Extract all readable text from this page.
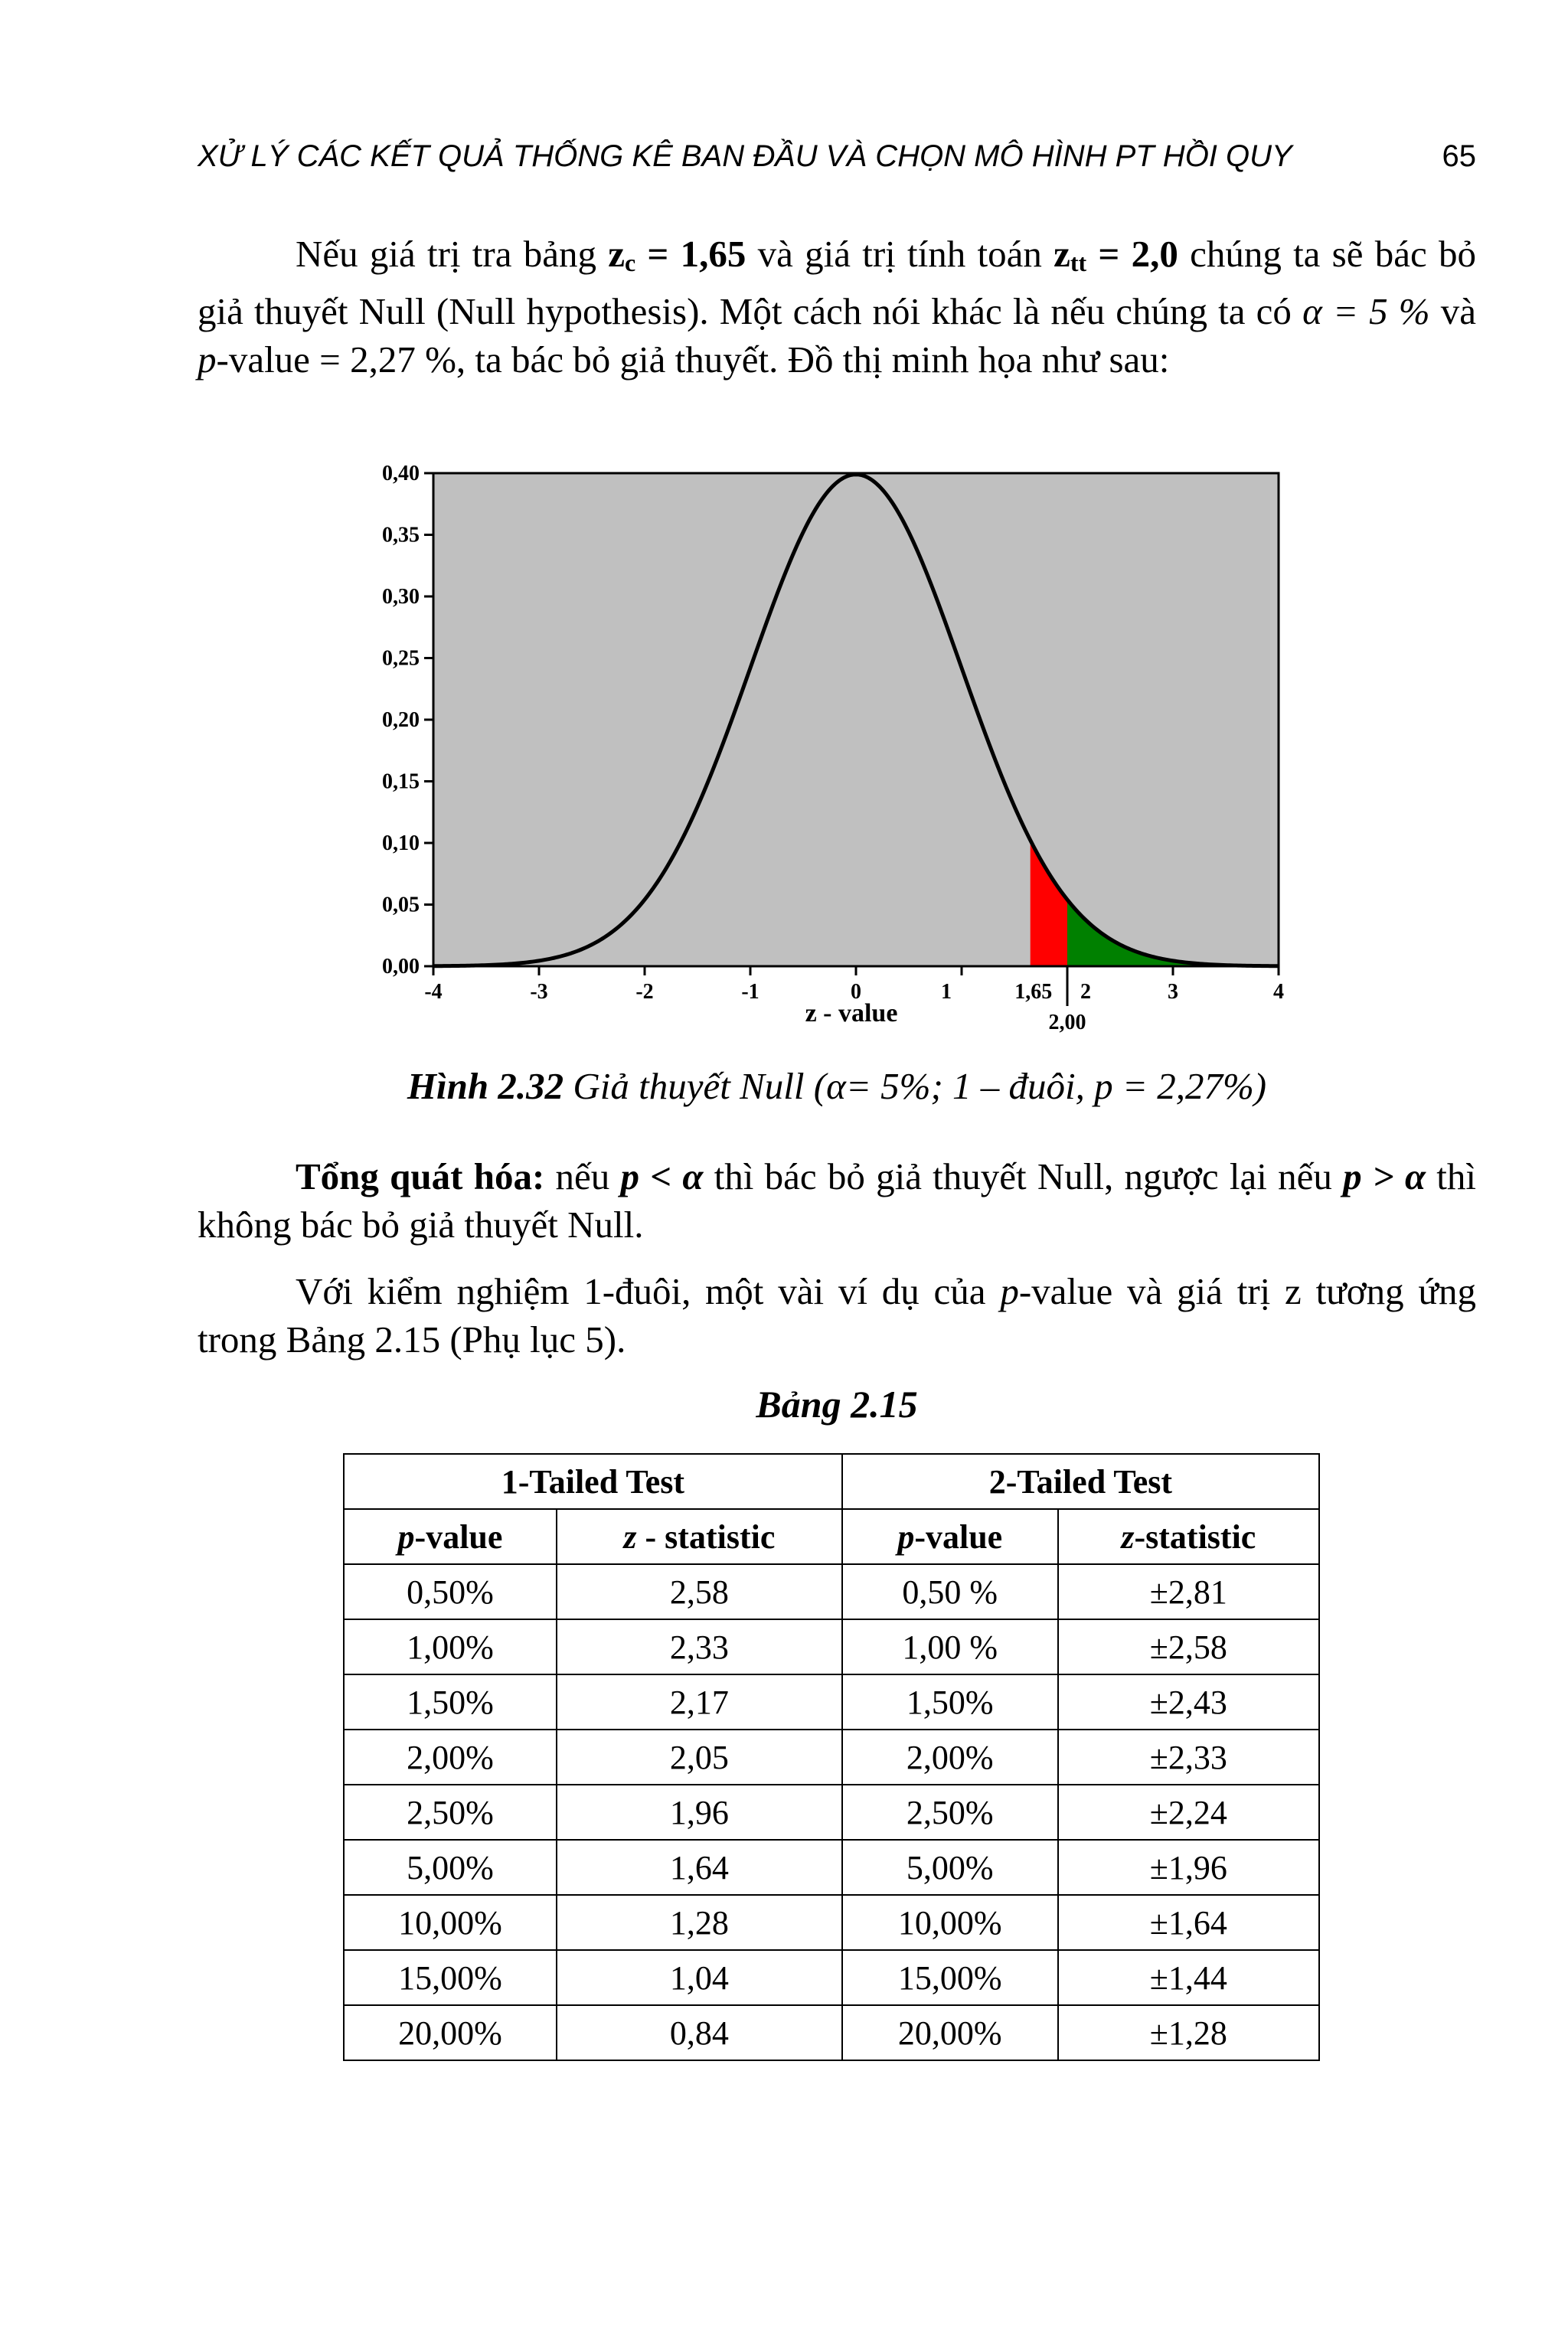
XỬ LÝ CÁC KẾT QUẢ THỐNG KÊ BAN ĐẦU VÀ CHỌN MÔ HÌNH PT HỒI QUY	65
Nếu giá trị tra bảng $z_c = 1,65$ và giá trị tính toán $z_{tt} = 2,0$ chúng ta sẽ bác bỏ giả thuyết Null (Null hypothesis). Một cách nói khác là nếu chúng ta có α = 5 % và p-value = 2,27 %, ta bác bỏ giả thuyết. Đồ thị minh họa như sau:
0,00
0,05
0,10
0,15
0,20
0,25
0,30
0,35
0,40
-4	-3	-2	-1	0	1	2	3	4
1,65
2,00
z - value
Hình 2.32 Giả thuyết Null (α= 5%; 1 – đuôi, p = 2,27%)
Tổng quát hóa: nếu p < α thì bác bỏ giả thuyết Null, ngược lại nếu p > α thì không bác bỏ giả thuyết Null.
Với kiểm nghiệm 1-đuôi, một vài ví dụ của p-value và giá trị z tương ứng trong Bảng 2.15 (Phụ lục 5).
Bảng 2.15
1-Tailed Test		2-Tailed Test	
p-value	z - statistic	p-value	z-statistic
0,50%	2,58	0,50 %	±2,81
1,00%	2,33	1,00 %	±2,58
1,50%	2,17	1,50%	±2,43
2,00%	2,05	2,00%	±2,33
2,50%	1,96	2,50%	±2,24
5,00%	1,64	5,00%	±1,96
10,00%	1,28	10,00%	±1,64
15,00%	1,04	15,00%	±1,44
20,00%	0,84	20,00%	±1,28
